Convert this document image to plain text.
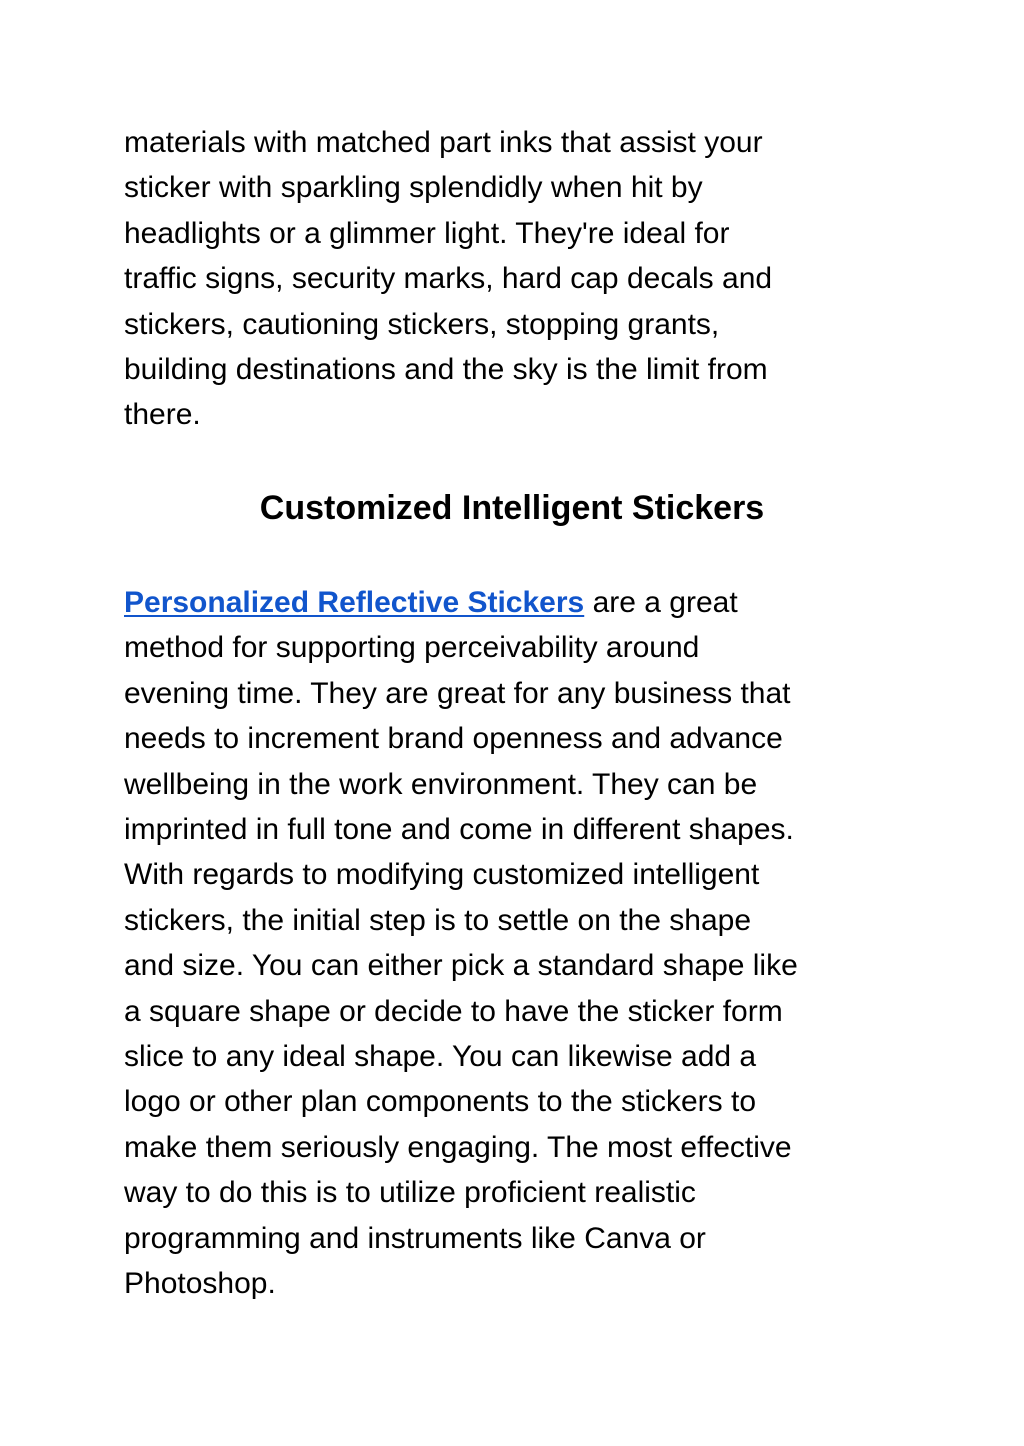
materials with matched part inks that assist your
sticker with sparkling splendidly when hit by
headlights or a glimmer light. They're ideal for
traffic signs, security marks, hard cap decals and
stickers, cautioning stickers, stopping grants,
building destinations and the sky is the limit from
there.

Customized Intelligent Stickers

Personalized Reflective Stickers are a great
method for supporting perceivability around
evening time. They are great for any business that
needs to increment brand openness and advance
wellbeing in the work environment. They can be
imprinted in full tone and come in different shapes.
With regards to modifying customized intelligent
stickers, the initial step is to settle on the shape
and size. You can either pick a standard shape like
a square shape or decide to have the sticker form
slice to any ideal shape. You can likewise add a
logo or other plan components to the stickers to
make them seriously engaging. The most effective
way to do this is to utilize proficient realistic
programming and instruments like Canva or
Photoshop.
